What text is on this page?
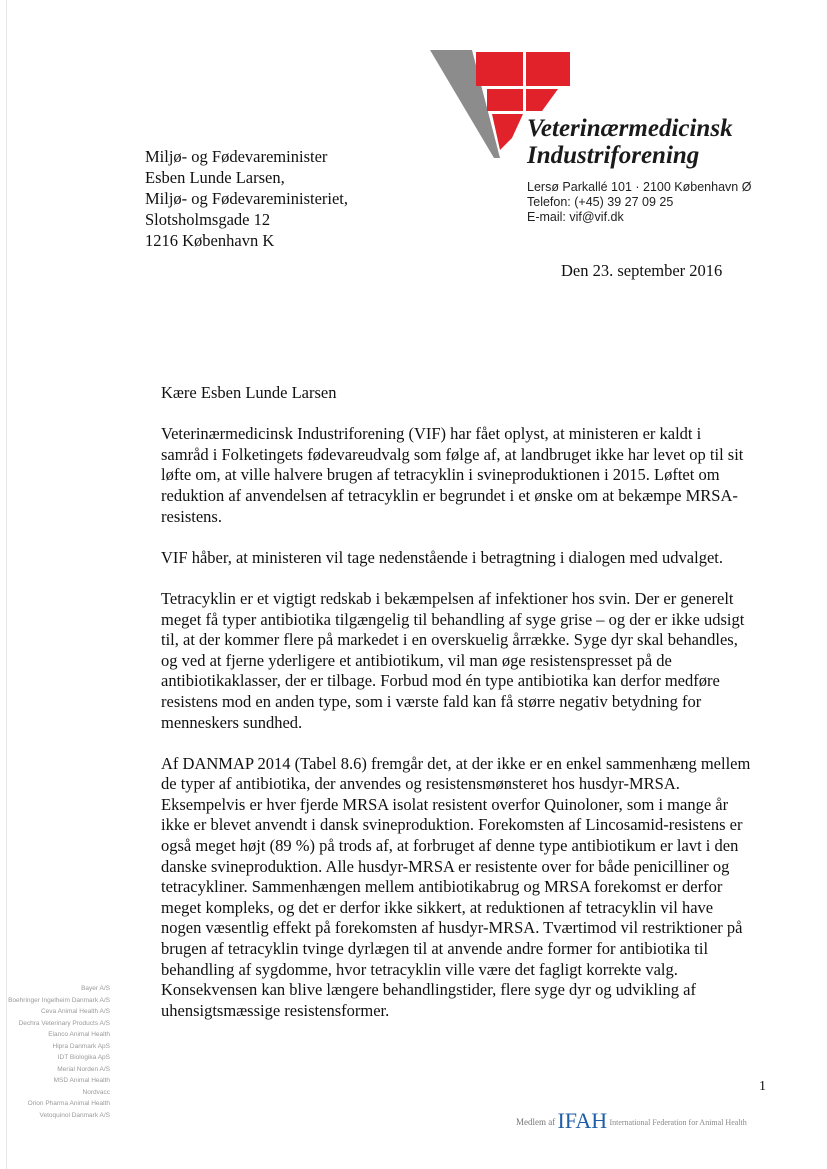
Veterinærmedicinsk
Industriforening
Lersø Parkallé 101 · 2100 København Ø
Telefon: (+45) 39 27 09 25
E-mail: vif@vif.dk
Miljø- og Fødevareminister
Esben Lunde Larsen,
Miljø- og Fødevareministeriet,
Slotsholmsgade 12
1216 København K
Den 23. september 2016

Kære Esben Lunde Larsen

Veterinærmedicinsk Industriforening (VIF) har fået oplyst, at ministeren er kaldt i samråd i Folketingets fødevareudvalg som følge af, at landbruget ikke har levet op til sit løfte om, at ville halvere brugen af tetracyklin i svineproduktionen i 2015. Løftet om reduktion af anvendelsen af tetracyklin er begrundet i et ønske om at bekæmpe MRSA-resistens.

VIF håber, at ministeren vil tage nedenstående i betragtning i dialogen med udvalget.

Tetracyklin er et vigtigt redskab i bekæmpelsen af infektioner hos svin. Der er generelt meget få typer antibiotika tilgængelig til behandling af syge grise – og der er ikke udsigt til, at der kommer flere på markedet i en overskuelig årrække. Syge dyr skal behandles, og ved at fjerne yderligere et antibiotikum, vil man øge resistenspresset på de antibiotikaklasser, der er tilbage. Forbud mod én type antibiotika kan derfor medføre resistens mod en anden type, som i værste fald kan få større negativ betydning for menneskers sundhed.

Af DANMAP 2014 (Tabel 8.6) fremgår det, at der ikke er en enkel sammenhæng mellem de typer af antibiotika, der anvendes og resistensmønsteret hos husdyr-MRSA. Eksempelvis er hver fjerde MRSA isolat resistent overfor Quinoloner, som i mange år ikke er blevet anvendt i dansk svineproduktion. Forekomsten af Lincosamid-resistens er også meget højt (89 %) på trods af, at forbruget af denne type antibiotikum er lavt i den danske svineproduktion. Alle husdyr-MRSA er resistente over for både penicilliner og tetracykliner. Sammenhængen mellem antibiotikabrug og MRSA forekomst er derfor meget kompleks, og det er derfor ikke sikkert, at reduktionen af tetracyklin vil have nogen væsentlig effekt på forekomsten af husdyr-MRSA. Tværtimod vil restriktioner på brugen af tetracyklin tvinge dyrlægen til at anvende andre former for antibiotika til behandling af sygdomme, hvor tetracyklin ville være det fagligt korrekte valg. Konsekvensen kan blive længere behandlingstider, flere syge dyr og udvikling af uhensigtsmæssige resistensformer.

Bayer A/S
Boehringer Ingelheim Danmark A/S
Ceva Animal Health A/S
Dechra Veterinary Products A/S
Elanco Animal Health
Hipra Danmark ApS
IDT Biologika ApS
Merial Norden A/S
MSD Animal Health
Nordvacc
Orion Pharma Animal Health
Vetoquinol Danmark A/S
1
Medlem af IFAH International Federation for Animal Health
